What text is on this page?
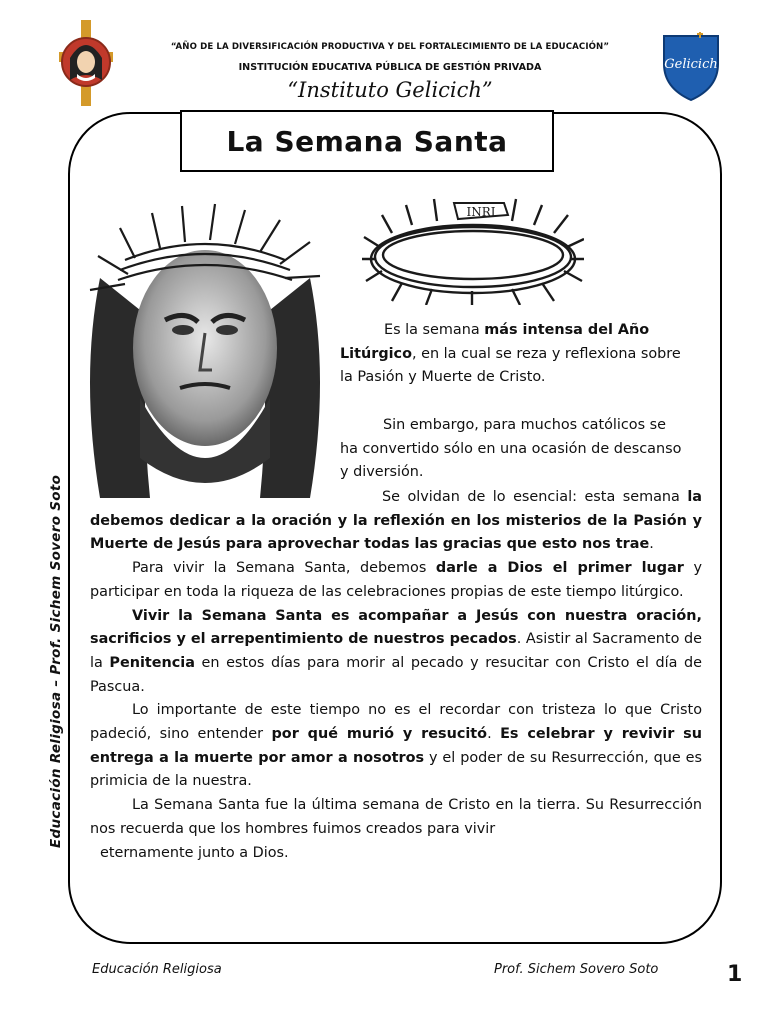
“AÑO DE LA DIVERSIFICACIÓN PRODUCTIVA Y DEL FORTALECIMIENTO DE LA EDUCACIÓN”
INSTITUCIÓN EDUCATIVA PÚBLICA DE GESTIÓN PRIVADA
“Instituto Gelicich”
Gelicich
La Semana Santa
Educación Religiosa – Prof. Sichem Sovero Soto
INRI
Es la semana más intensa del Año Litúrgico, en la cual se reza y reflexiona sobre la Pasión y Muerte de Cristo.
Sin embargo, para muchos católicos se ha convertido sólo en una ocasión de descanso y diversión.

Se olvidan de lo esencial: esta semana la debemos dedicar a la oración y la reflexión en los misterios de la Pasión y Muerte de Jesús para aprovechar todas las gracias que esto nos trae.

Para vivir la Semana Santa, debemos darle a Dios el primer lugar y participar en toda la riqueza de las celebraciones propias de este tiempo litúrgico.

Vivir la Semana Santa es acompañar a Jesús con nuestra oración, sacrificios y el arrepentimiento de nuestros pecados. Asistir al Sacramento de la Penitencia en estos días para morir al pecado y resucitar con Cristo el día de Pascua.

Lo importante de este tiempo no es el recordar con tristeza lo que Cristo padeció, sino entender por qué murió y resucitó. Es celebrar y revivir su entrega a la muerte por amor a nosotros y el poder de su Resurrección, que es primicia de la nuestra.

La Semana Santa fue la última semana de Cristo en la tierra. Su Resurrección nos recuerda que los hombres fuimos creados para vivir

eternamente junto a Dios.

Educación Religiosa	Prof. Sichem Sovero Soto	1
